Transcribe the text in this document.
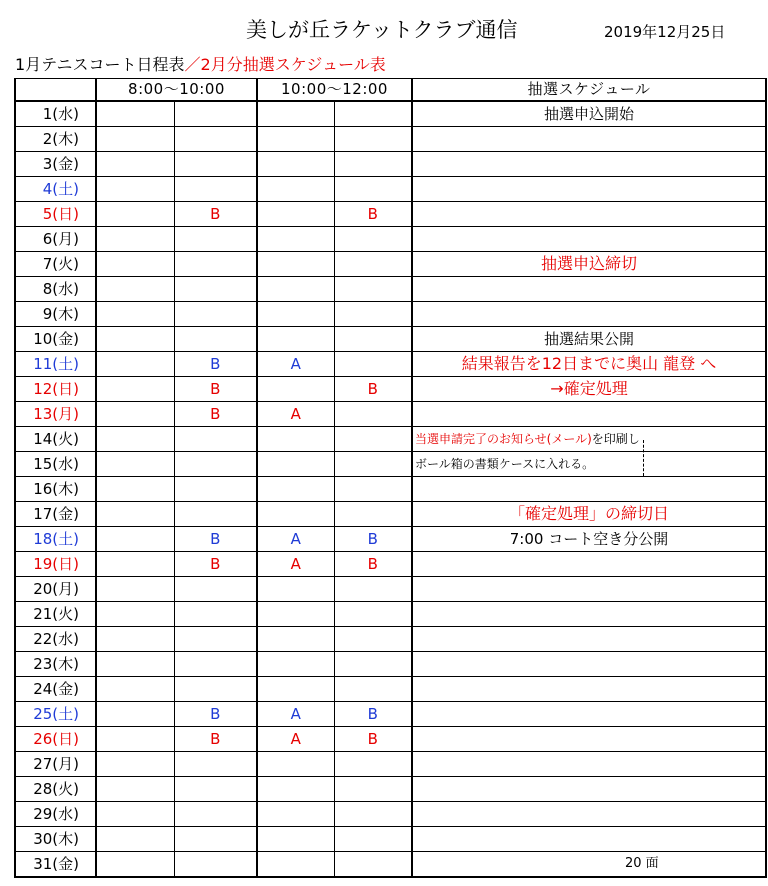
美しが丘ラケットクラブ通信	2019年12月25日
1月テニスコート日程表／2月分抽選スケジュール表
	8:00〜10:00		10:00〜12:00		抽選スケジュール
1(水)					抽選申込開始
2(木)					
3(金)					
4(土)					
5(日)		B		B	
6(月)					
7(火)					抽選申込締切
8(水)					
9(木)					
10(金)					抽選結果公開
11(土)		B	A		結果報告を12日までに奥山 龍登 へ
12(日)		B		B	→確定処理
13(月)		B	A		
14(火)					当選申請完了のお知らせ(メール)を印刷し
15(水)					ボール箱の書類ケースに入れる。
16(木)					
17(金)					「確定処理」の締切日
18(土)		B	A	B	7:00 コート空き分公開
19(日)		B	A	B	
20(月)					
21(火)					
22(水)					
23(木)					
24(金)					
25(土)		B	A	B	
26(日)		B	A	B	
27(月)					
28(火)					
29(水)					
30(木)					
31(金)					20 面
